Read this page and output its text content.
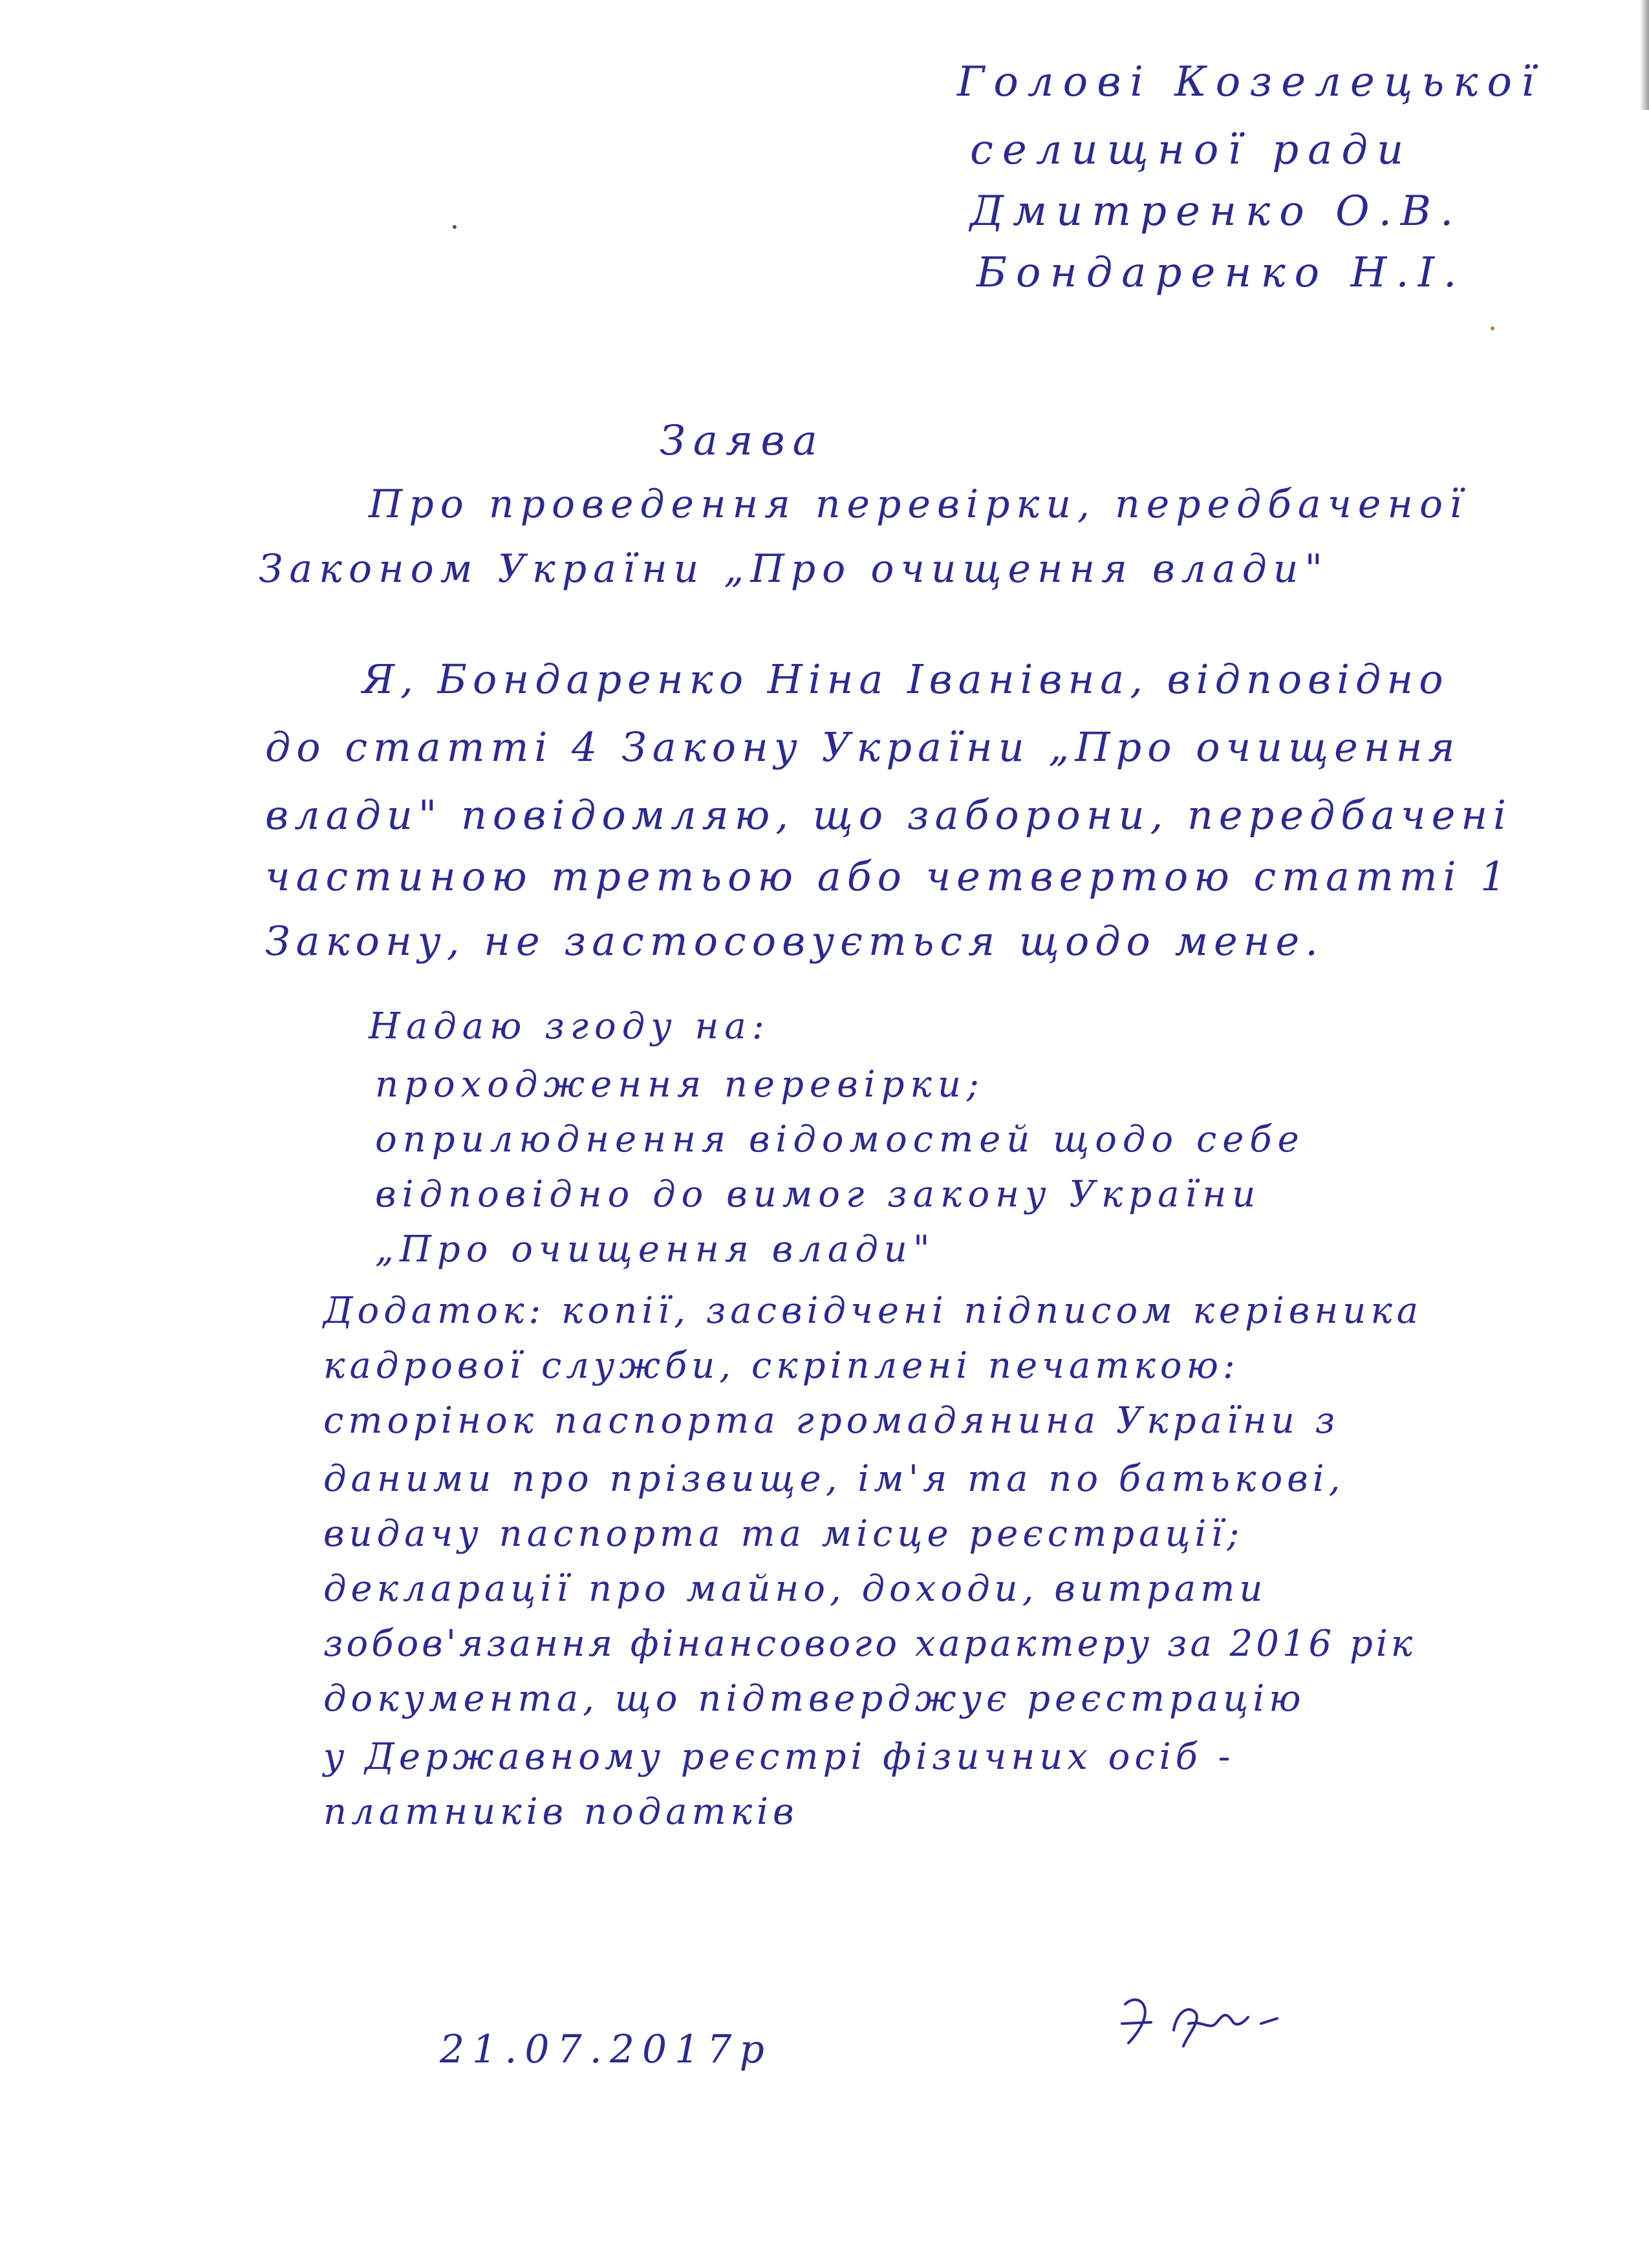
Голові Козелецької
селищної ради
Дмитренко О.В.
Бондаренко Н.І.
Заява
Про проведення перевірки, передбаченої
Законом України „Про очищення влади"
Я, Бондаренко Ніна Іванівна, відповідно
до статті 4 Закону України „Про очищення
влади" повідомляю, що заборони, передбачені
частиною третьою або четвертою статті 1
Закону, не застосовується щодо мене.
Надаю згоду на:
проходження перевірки;
оприлюднення відомостей щодо себе
відповідно до вимог закону України
„Про очищення влади"
Додаток: копії, засвідчені підписом керівника
кадрової служби, скріплені печаткою:
сторінок паспорта громадянина України з
даними про прізвище, ім'я та по батькові,
видачу паспорта та місце реєстрації;
декларації про майно, доходи, витрати
зобов'язання фінансового характеру за 2016 рік
документа, що підтверджує реєстрацію
у Державному реєстрі фізичних осіб -
платників податків
21.07.2017р
